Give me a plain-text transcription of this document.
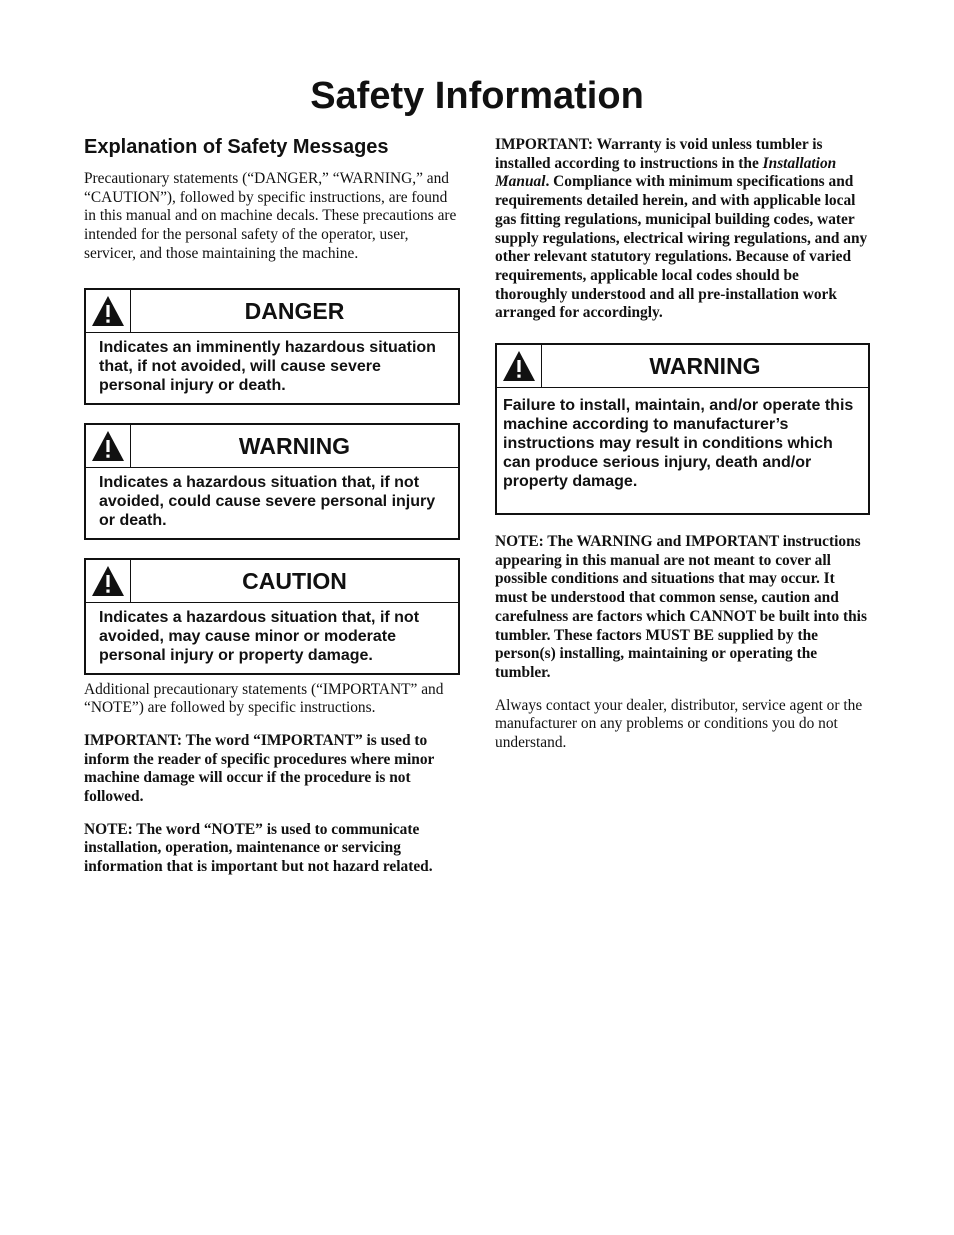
Safety Information
Explanation of Safety Messages

Precautionary statements (“DANGER,” “WARNING,” and “CAUTION”), followed by specific instructions, are found in this manual and on machine decals. These precautions are intended for the personal safety of the operator, user, servicer, and those maintaining the machine.

DANGER
Indicates an imminently hazardous situation that, if not avoided, will cause severe personal injury or death.
WARNING
Indicates a hazardous situation that, if not avoided, could cause severe personal injury or death.
CAUTION
Indicates a hazardous situation that, if not avoided, may cause minor or moderate personal injury or property damage.

Additional precautionary statements (“IMPORTANT” and “NOTE”) are followed by specific instructions.

IMPORTANT: The word “IMPORTANT” is used to inform the reader of specific procedures where minor machine damage will occur if the procedure is not followed.

NOTE: The word “NOTE” is used to communicate installation, operation, maintenance or servicing information that is important but not hazard related.

IMPORTANT: Warranty is void unless tumbler is installed according to instructions in the Installation Manual. Compliance with minimum specifications and requirements detailed herein, and with applicable local gas fitting regulations, municipal building codes, water supply regulations, electrical wiring regulations, and any other relevant statutory regulations. Because of varied requirements, applicable local codes should be thoroughly understood and all pre-installation work arranged for accordingly.

WARNING
Failure to install, maintain, and/or operate this machine according to manufacturer’s instructions may result in conditions which can produce serious injury, death and/or property damage.

NOTE: The WARNING and IMPORTANT instructions appearing in this manual are not meant to cover all possible conditions and situations that may occur. It must be understood that common sense, caution and carefulness are factors which CANNOT be built into this tumbler. These factors MUST BE supplied by the person(s) installing, maintaining or operating the tumbler.

Always contact your dealer, distributor, service agent or the manufacturer on any problems or conditions you do not understand.
